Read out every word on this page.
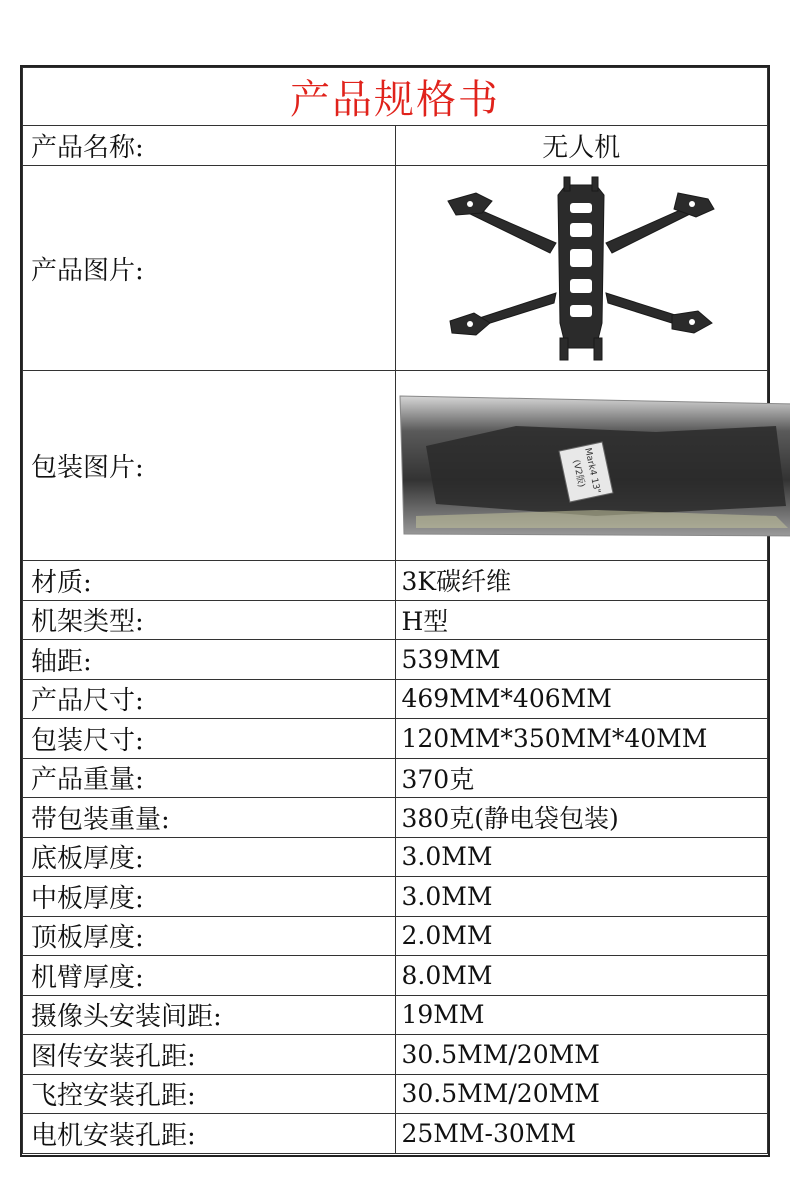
产品规格书	
产品名称:	无人机
产品图片:	

包装图片:	Mark4 13"
(V2版)

材质:	3K碳纤维
机架类型:	H型
轴距:	539MM
产品尺寸:	469MM*406MM
包装尺寸:	120MM*350MM*40MM
产品重量:	370克
带包装重量:	380克(静电袋包装)
底板厚度:	3.0MM
中板厚度:	3.0MM
顶板厚度:	2.0MM
机臂厚度:	8.0MM
摄像头安装间距:	19MM
图传安装孔距:	30.5MM/20MM
飞控安装孔距:	30.5MM/20MM
电机安装孔距:	25MM-30MM
